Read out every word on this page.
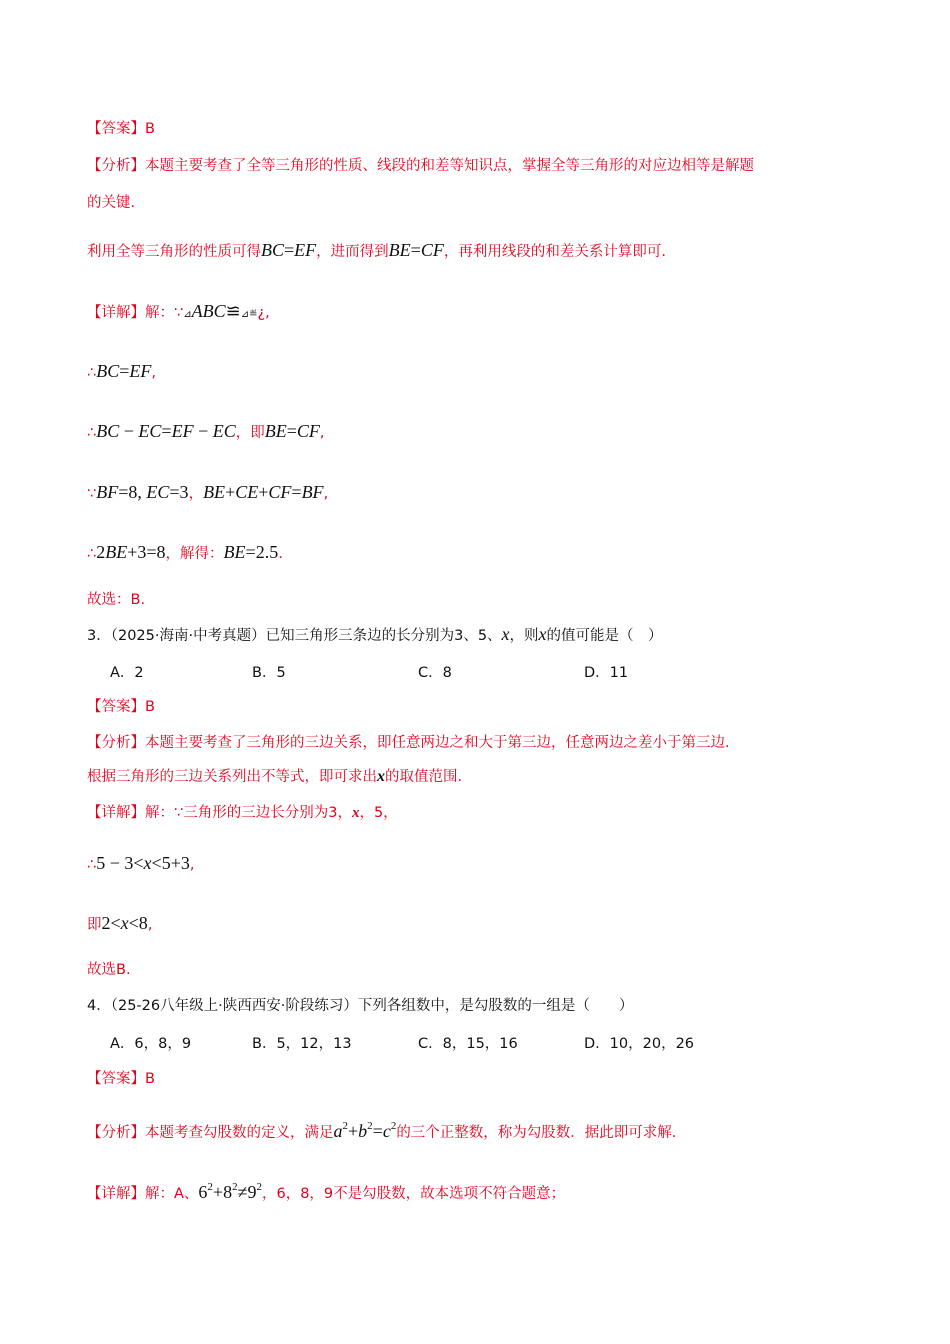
【答案】B
【分析】本题主要考查了全等三角形的性质、线段的和差等知识点，掌握全等三角形的对应边相等是解题
的关键.
利用全等三角形的性质可得BC=EF，进而得到BE=CF，再利用线段的和差关系计算即可.
【详解】解：∵⊿ABC≌⊿≝¿,
∴BC=EF,
∴BC − EC=EF − EC，即BE=CF,
∵BF=8, EC=3，BE+CE+CF=BF,
∴2BE+3=8，解得：BE=2.5.
故选：B.
3．（2025·海南·中考真题）已知三角形三条边的长分别为3、5、x，则x的值可能是（　）
【答案】B
【分析】本题主要考查了三角形的三边关系，即任意两边之和大于第三边，任意两边之差小于第三边.
根据三角形的三边关系列出不等式，即可求出x的取值范围.
【详解】解：∵三角形的三边长分别为3，x，5，
∴5 − 3<x<5+3,
即2<x<8,
故选B.
4．（25-26八年级上·陕西西安·阶段练习）下列各组数中，是勾股数的一组是（　　）
【答案】B
【分析】本题考查勾股数的定义，满足$a^2+b^2=c^2$的三个正整数，称为勾股数．据此即可求解.
【详解】解：A、$6^2+8^2\ne 9^2$，6，8，9不是勾股数，故本选项不符合题意；
A．2	B．5	C．8	D．11
A．6，8，9	B．5，12，13	C．8，15，16	D．10，20，26
